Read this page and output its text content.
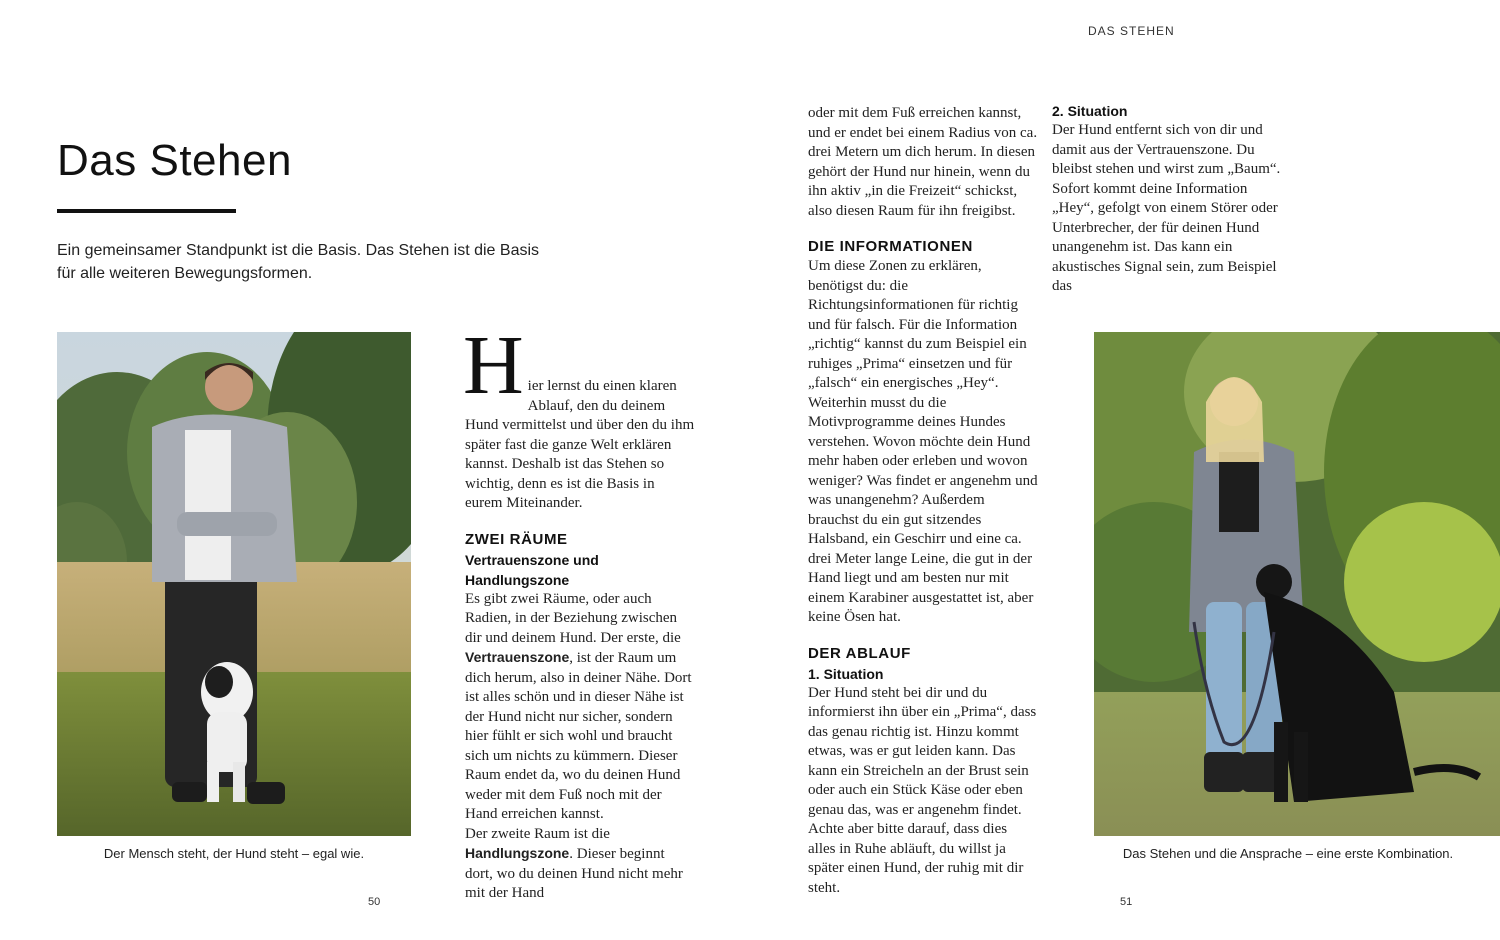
DAS STEHEN
Das Stehen

Ein gemeinsamer Standpunkt ist die Basis. Das Stehen ist die Basis für alle weiteren Bewegungsformen.

Der Mensch steht, der Hund steht – egal wie.

Hier lernst du einen klaren Ablauf, den du deinem Hund vermittelst und über den du ihm später fast die ganze Welt erklären kannst. Deshalb ist das Stehen so wichtig, denn es ist die Basis in eurem Miteinander.

ZWEI RÄUME
Vertrauenszone und Handlungszone

Es gibt zwei Räume, oder auch Radien, in der Beziehung zwischen dir und deinem Hund. Der erste, die Vertrauenszone, ist der Raum um dich herum, also in deiner Nähe. Dort ist alles schön und in dieser Nähe ist der Hund nicht nur sicher, sondern hier fühlt er sich wohl und braucht sich um nichts zu kümmern. Dieser Raum endet da, wo du deinen Hund weder mit dem Fuß noch mit der Hand erreichen kannst.

Der zweite Raum ist die Handlungszone. Dieser beginnt dort, wo du deinen Hund nicht mehr mit der Hand

oder mit dem Fuß erreichen kannst, und er endet bei einem Radius von ca. drei Metern um dich herum. In diesen gehört der Hund nur hinein, wenn du ihn aktiv „in die Freizeit“ schickst, also diesen Raum für ihn freigibst.

DIE INFORMATIONEN

Um diese Zonen zu erklären, benötigst du: die Richtungsinformationen für richtig und für falsch. Für die Information „richtig“ kannst du zum Beispiel ein ruhiges „Prima“ einsetzen und für „falsch“ ein energisches „Hey“. Weiterhin musst du die Motivprogramme deines Hundes verstehen. Wovon möchte dein Hund mehr haben oder erleben und wovon weniger? Was findet er angenehm und was unangenehm? Außerdem brauchst du ein gut sitzendes Halsband, ein Geschirr und eine ca. drei Meter lange Leine, die gut in der Hand liegt und am besten nur mit einem Karabiner ausgestattet ist, aber keine Ösen hat.

DER ABLAUF
1. Situation

Der Hund steht bei dir und du informierst ihn über ein „Prima“, dass das genau richtig ist. Hinzu kommt etwas, was er gut leiden kann. Das kann ein Streicheln an der Brust sein oder auch ein Stück Käse oder eben genau das, was er angenehm findet. Achte aber bitte darauf, dass dies alles in Ruhe abläuft, du willst ja später einen Hund, der ruhig mit dir steht.

2. Situation

Der Hund entfernt sich von dir und damit aus der Vertrauenszone. Du bleibst stehen und wirst zum „Baum“. Sofort kommt deine Information „Hey“, gefolgt von einem Störer oder Unterbrecher, der für deinen Hund unangenehm ist. Das kann ein akustisches Signal sein, zum Beispiel das

Das Stehen und die Ansprache – eine erste Kombination.
50	51
